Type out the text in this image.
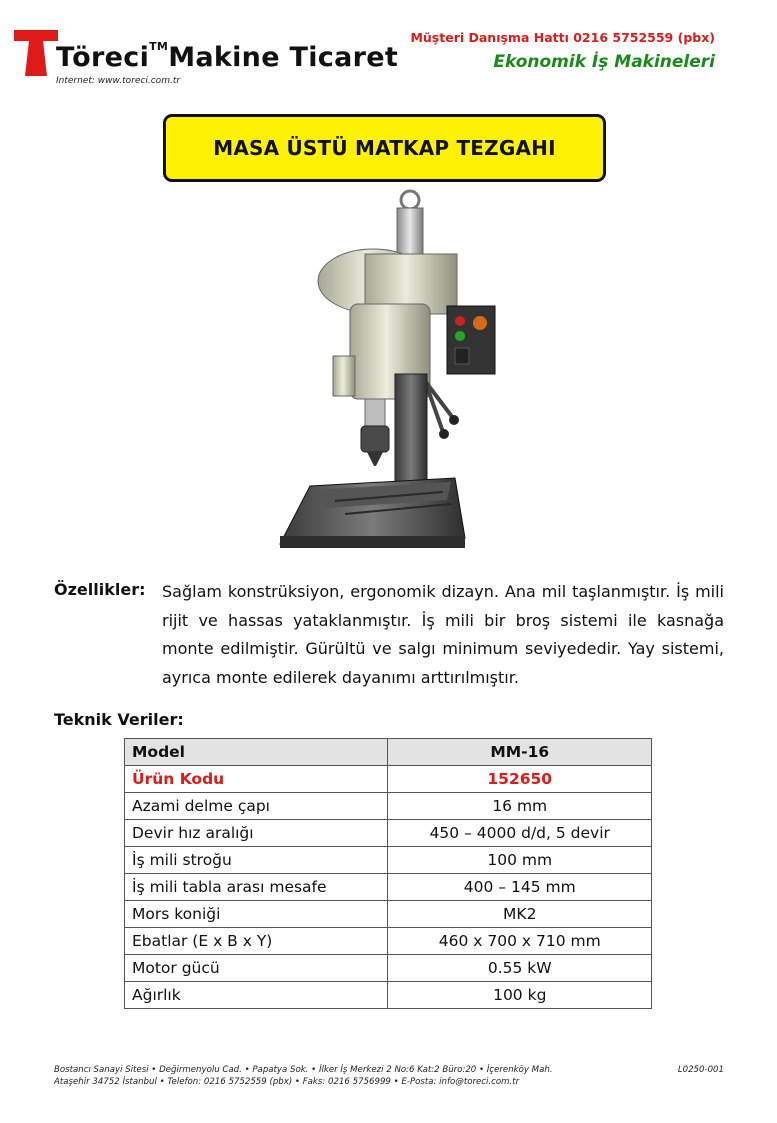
Töreci™Makine Ticaret
Internet: www.toreci.com.tr
Müşteri Danışma Hattı 0216 5752559 (pbx)
Ekonomik İş Makineleri
MASA ÜSTÜ MATKAP TEZGAHI
Özellikler: Sağlam konstrüksiyon, ergonomik dizayn. Ana mil taşlanmıştır. İş mili rijit ve hassas yataklanmıştır. İş mili bir broş sistemi ile kasnağa monte edilmiştir. Gürültü ve salgı minimum seviyededir. Yay sistemi, ayrıca monte edilerek dayanımı arttırılmıştır.
Teknik Veriler:
Model	MM-16
Ürün Kodu	152650
Azami delme çapı	16 mm
Devir hız aralığı	450 – 4000 d/d, 5 devir
İş mili stroğu	100 mm
İş mili tabla arası mesafe	400 – 145 mm
Mors koniği	MK2
Ebatlar (E x B x Y)	460 x 700 x 710 mm
Motor gücü	0.55 kW
Ağırlık	100 kg
Bostancı Sanayi Sitesi • Değirmenyolu Cad. • Papatya Sok. • İlker İş Merkezi 2 No:6 Kat:2 Büro:20 • İçerenköy Mah.
Ataşehir 34752 İstanbul • Telefon: 0216 5752559 (pbx) • Faks: 0216 5756999 • E-Posta: info@toreci.com.tr
L0250-001
